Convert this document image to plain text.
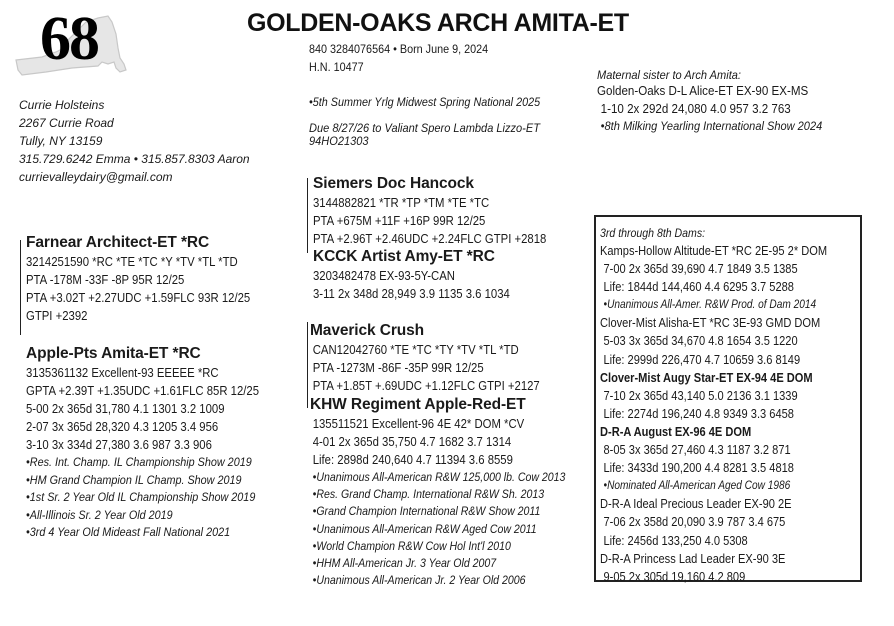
68	GOLDEN-OAKS ARCH AMITA-ET
840 3284076564 • Born June 9, 2024
H.N. 10477
Currie Holsteins
2267 Currie Road
Tully, NY 13159
315.729.6242 Emma • 315.857.8303 Aaron
currievalleydairy@gmail.com
•5th Summer Yrlg Midwest Spring National 2025
Due 8/27/26 to Valiant Spero Lambda Lizzo-ET
94HO21303
Maternal sister to Arch Amita:
Golden-Oaks D-L Alice-ET EX-90 EX-MS
1-10 2x 292d 24,080 4.0 957 3.2 763
•8th Milking Yearling International Show 2024
Farnear Architect-ET *RC
3214251590 *RC *TE *TC *Y *TV *TL *TD
PTA -178M -33F -8P 95R 12/25
PTA +3.02T +2.27UDC +1.59FLC 93R 12/25
GTPI +2392
Siemers Doc Hancock
3144882821 *TR *TP *TM *TE *TC
PTA +675M +11F +16P 99R 12/25
PTA +2.96T +2.46UDC +2.24FLC GTPI +2818
KCCK Artist Amy-ET *RC
3203482478 EX-93-5Y-CAN
3-11 2x 348d 28,949 3.9 1135 3.6 1034
Apple-Pts Amita-ET *RC
3135361132 Excellent-93 EEEEE *RC
GPTA +2.39T +1.35UDC +1.61FLC 85R 12/25
5-00 2x 365d 31,780 4.1 1301 3.2 1009
2-07 3x 365d 28,320 4.3 1205 3.4 956
3-10 3x 334d 27,380 3.6 987 3.3 906
•Res. Int. Champ. IL Championship Show 2019
•HM Grand Champion IL Champ. Show 2019
•1st Sr. 2 Year Old IL Championship Show 2019
•All-Illinois Sr. 2 Year Old 2019
•3rd 4 Year Old Mideast Fall National 2021
Maverick Crush
CAN12042760 *TE *TC *TY *TV *TL *TD
PTA -1273M -86F -35P 99R 12/25
PTA +1.85T +.69UDC +1.12FLC GTPI +2127
KHW Regiment Apple-Red-ET
135511521 Excellent-96 4E 42* DOM *CV
4-01 2x 365d 35,750 4.7 1682 3.7 1314
Life: 2898d 240,640 4.7 11394 3.6 8559
•Unanimous All-American R&W 125,000 lb. Cow 2013
•Res. Grand Champ. International R&W Sh. 2013
•Grand Champion International R&W Show 2011
•Unanimous All-American R&W Aged Cow 2011
•World Champion R&W Cow Hol Int'l 2010
•HHM All-American Jr. 3 Year Old 2007
•Unanimous All-American Jr. 2 Year Old 2006
3rd through 8th Dams:
Kamps-Hollow Altitude-ET *RC 2E-95 2* DOM
7-00 2x 365d 39,690 4.7 1849 3.5 1385
Life: 1844d 144,460 4.4 6295 3.7 5288
•Unanimous All-Amer. R&W Prod. of Dam 2014
Clover-Mist Alisha-ET *RC 3E-93 GMD DOM
5-03 3x 365d 34,670 4.8 1654 3.5 1220
Life: 2999d 226,470 4.7 10659 3.6 8149
Clover-Mist Augy Star-ET EX-94 4E DOM
7-10 2x 365d 43,140 5.0 2136 3.1 1339
Life: 2274d 196,240 4.8 9349 3.3 6458
D-R-A August EX-96 4E DOM
8-05 3x 365d 27,460 4.3 1187 3.2 871
Life: 3433d 190,200 4.4 8281 3.5 4818
•Nominated All-American Aged Cow 1986
D-R-A Ideal Precious Leader EX-90 2E
7-06 2x 358d 20,090 3.9 787 3.4 675
Life: 2456d 133,250 4.0 5308
D-R-A Princess Lad Leader EX-90 3E
9-05 2x 305d 19,160 4.2 809
